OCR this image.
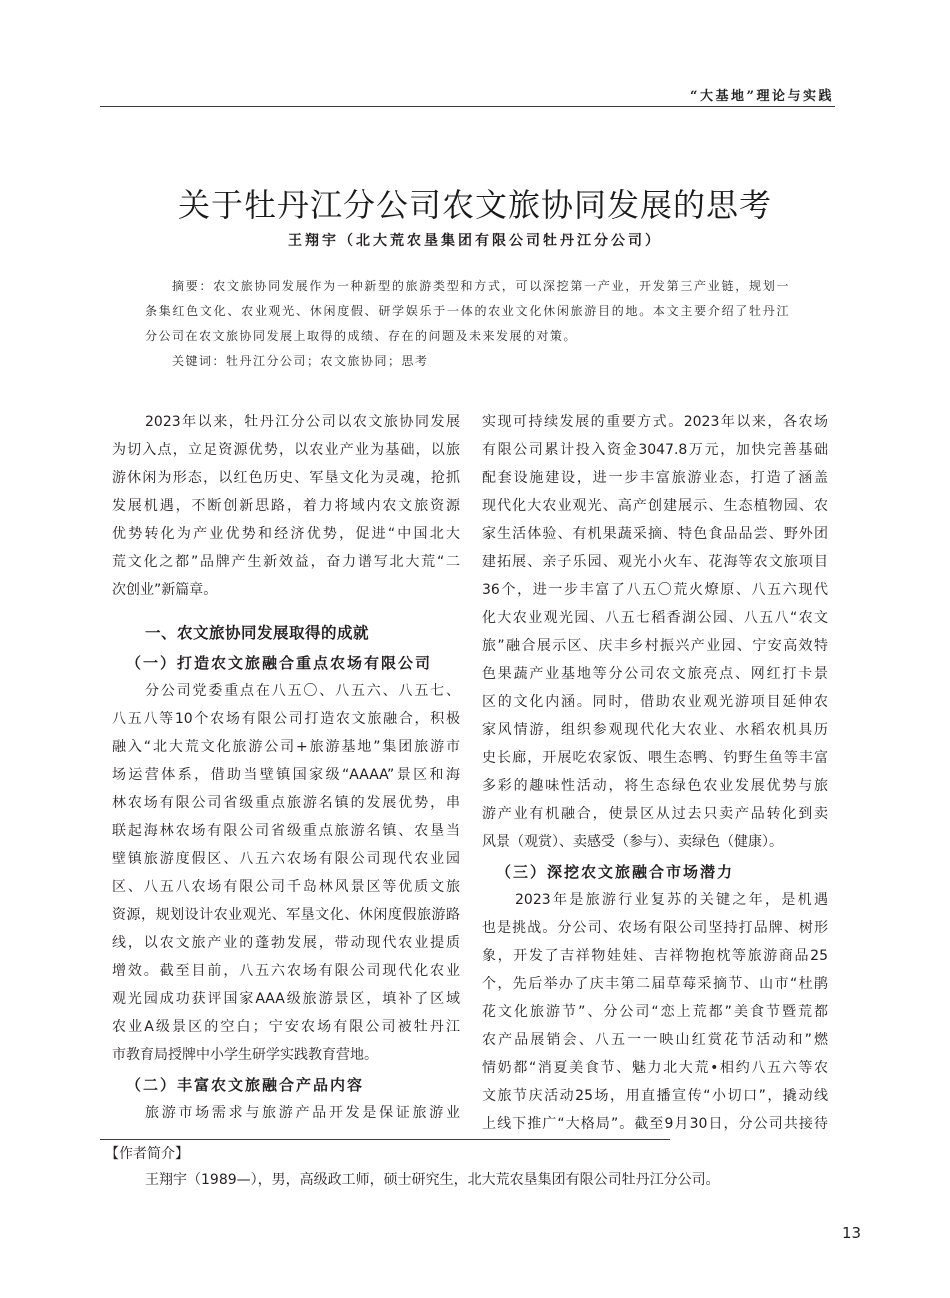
“大基地”理论与实践
关于牡丹江分公司农文旅协同发展的思考
王翔宇（北大荒农垦集团有限公司牡丹江分公司）
摘要：农文旅协同发展作为一种新型的旅游类型和方式，可以深挖第一产业，开发第三产业链，规划一
条集红色文化、农业观光、休闲度假、研学娱乐于一体的农业文化休闲旅游目的地。本文主要介绍了牡丹江
分公司在农文旅协同发展上取得的成绩、存在的问题及未来发展的对策。
关键词：牡丹江分公司；农文旅协同；思考
2023年以来，牡丹江分公司以农文旅协同发展
为切入点，立足资源优势，以农业产业为基础，以旅
游休闲为形态，以红色历史、军垦文化为灵魂，抢抓
发展机遇，不断创新思路，着力将域内农文旅资源
优势转化为产业优势和经济优势，促进“中国北大
荒文化之都”品牌产生新效益，奋力谱写北大荒“二
次创业”新篇章。
一、农文旅协同发展取得的成就
（一）打造农文旅融合重点农场有限公司
分公司党委重点在八五〇、八五六、八五七、
八五八等10个农场有限公司打造农文旅融合，积极
融入“北大荒文化旅游公司+旅游基地”集团旅游市
场运营体系，借助当壁镇国家级“AAAA”景区和海
林农场有限公司省级重点旅游名镇的发展优势，串
联起海林农场有限公司省级重点旅游名镇、农垦当
壁镇旅游度假区、八五六农场有限公司现代农业园
区、八五八农场有限公司千岛林风景区等优质文旅
资源，规划设计农业观光、军垦文化、休闲度假旅游路
线，以农文旅产业的蓬勃发展，带动现代农业提质
增效。截至目前，八五六农场有限公司现代化农业
观光园成功获评国家AAA级旅游景区，填补了区域
农业A级景区的空白；宁安农场有限公司被牡丹江
市教育局授牌中小学生研学实践教育营地。
（二）丰富农文旅融合产品内容
旅游市场需求与旅游产品开发是保证旅游业
实现可持续发展的重要方式。2023年以来，各农场
有限公司累计投入资金3047.8万元，加快完善基础
配套设施建设，进一步丰富旅游业态，打造了涵盖
现代化大农业观光、高产创建展示、生态植物园、农
家生活体验、有机果蔬采摘、特色食品品尝、野外团
建拓展、亲子乐园、观光小火车、花海等农文旅项目
36个，进一步丰富了八五〇荒火燎原、八五六现代
化大农业观光园、八五七稻香湖公园、八五八“农文
旅”融合展示区、庆丰乡村振兴产业园、宁安高效特
色果蔬产业基地等分公司农文旅亮点、网红打卡景
区的文化内涵。同时，借助农业观光游项目延伸农
家风情游，组织参观现代化大农业、水稻农机具历
史长廊，开展吃农家饭、喂生态鸭、钓野生鱼等丰富
多彩的趣味性活动，将生态绿色农业发展优势与旅
游产业有机融合，使景区从过去只卖产品转化到卖
风景（观赏）、卖感受（参与）、卖绿色（健康）。
（三）深挖农文旅融合市场潜力
2023年是旅游行业复苏的关键之年，是机遇
也是挑战。分公司、农场有限公司坚持打品牌、树形
象，开发了吉祥物娃娃、吉祥物抱枕等旅游商品25
个，先后举办了庆丰第二届草莓采摘节、山市“杜鹃
花文化旅游节”、分公司“恋上荒都”美食节暨荒都
农产品展销会、八五一一映山红赏花节活动和”燃
情奶都“消夏美食节、魅力北大荒•相约八五六等农
文旅节庆活动25场，用直播宣传“小切口”，撬动线
上线下推广“大格局”。截至9月30日，分公司共接待
【作者简介】
王翔宇（1989—），男，高级政工师，硕士研究生，北大荒农垦集团有限公司牡丹江分公司。
13
